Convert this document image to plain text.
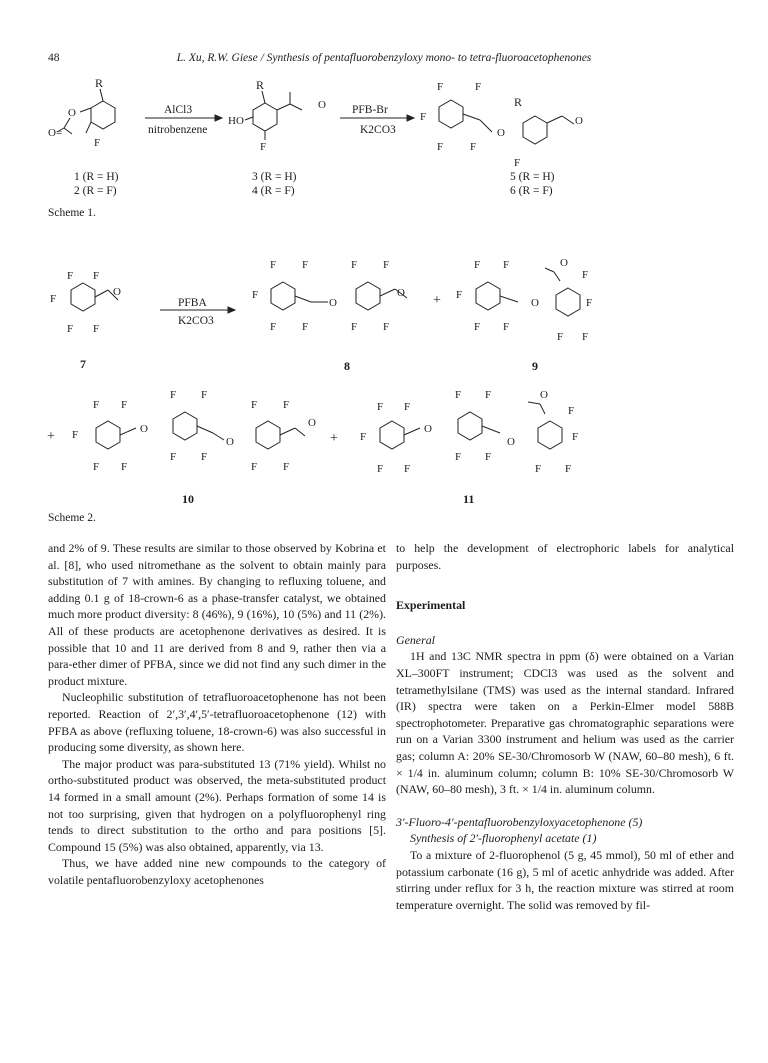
48	L. Xu, R.W. Giese / Synthesis of pentafluorobenzyloxy mono- to tetra-fluoroacetophenones
R
O
O=
F
R
HO
F
O
F	F
F
F F
O
R
F
O
F F
F
F F
O
F F
F
F F
O
F F
F F
O +
F F
F
F F
O
O
F
F
F F
+
F F
F
F F
O
F F
F F
O
F F
F F
O
+
F F
F
F F
O
F F
F F
O
O
F
F
F F
AlCl3
nitrobenzene
PFB-Br
K2CO3
1 (R = H)
2 (R = F)
3 (R = H)
4 (R = F)
5 (R = H)
6 (R = F)
Scheme 1.
PFBA
K2CO3
7	8	9
10	11
Scheme 2.

and 2% of 9. These results are similar to those observed by Kobrina et al. [8], who used nitromethane as the solvent to obtain mainly para substitution of 7 with amines. By changing to refluxing toluene, and adding 0.1 g of 18-crown-6 as a phase-transfer catalyst, we obtained much more product diversity: 8 (46%), 9 (16%), 10 (5%) and 11 (2%). All of these products are acetophenone derivatives as desired. It is possible that 10 and 11 are derived from 8 and 9, rather then via a para-ether dimer of PFBA, since we did not find any such dimer in the product mixture.

Nucleophilic substitution of tetrafluoroacetophenone has not been reported. Reaction of 2′,3′,4′,5′-tetrafluoroacetophenone (12) with PFBA as above (refluxing toluene, 18-crown-6) was also successful in producing some diversity, as shown here.

The major product was para-substituted 13 (71% yield). Whilst no ortho-substituted product was observed, the meta-substituted product 14 formed in a small amount (2%). Perhaps formation of some 14 is not too surprising, given that hydrogen on a polyfluorophenyl ring tends to direct substitution to the ortho and para positions [5]. Compound 15 (5%) was also obtained, apparently, via 13.

Thus, we have added nine new compounds to the category of volatile pentafluorobenzyloxy acetophenones

to help the development of electrophoric labels for analytical purposes.

Experimental

General

1H and 13C NMR spectra in ppm (δ) were obtained on a Varian XL–300FT instrument; CDCl3 was used as the solvent and tetramethylsilane (TMS) was used as the internal standard. Infrared (IR) spectra were taken on a Perkin-Elmer model 588B spectrophotometer. Preparative gas chromatographic separations were run on a Varian 3300 instrument and helium was used as the carrier gas; column A: 20% SE-30/Chromosorb W (NAW, 60–80 mesh), 6 ft. × 1/4 in. aluminum column; column B: 10% SE-30/Chromosorb W (NAW, 60–80 mesh), 3 ft. × 1/4 in. aluminum column.

3′-Fluoro-4′-pentafluorobenzyloxyacetophenone (5)

Synthesis of 2′-fluorophenyl acetate (1)

To a mixture of 2-fluorophenol (5 g, 45 mmol), 50 ml of ether and potassium carbonate (16 g), 5 ml of acetic anhydride was added. After stirring under reflux for 3 h, the reaction mixture was stirred at room temperature overnight. The solid was removed by fil-
